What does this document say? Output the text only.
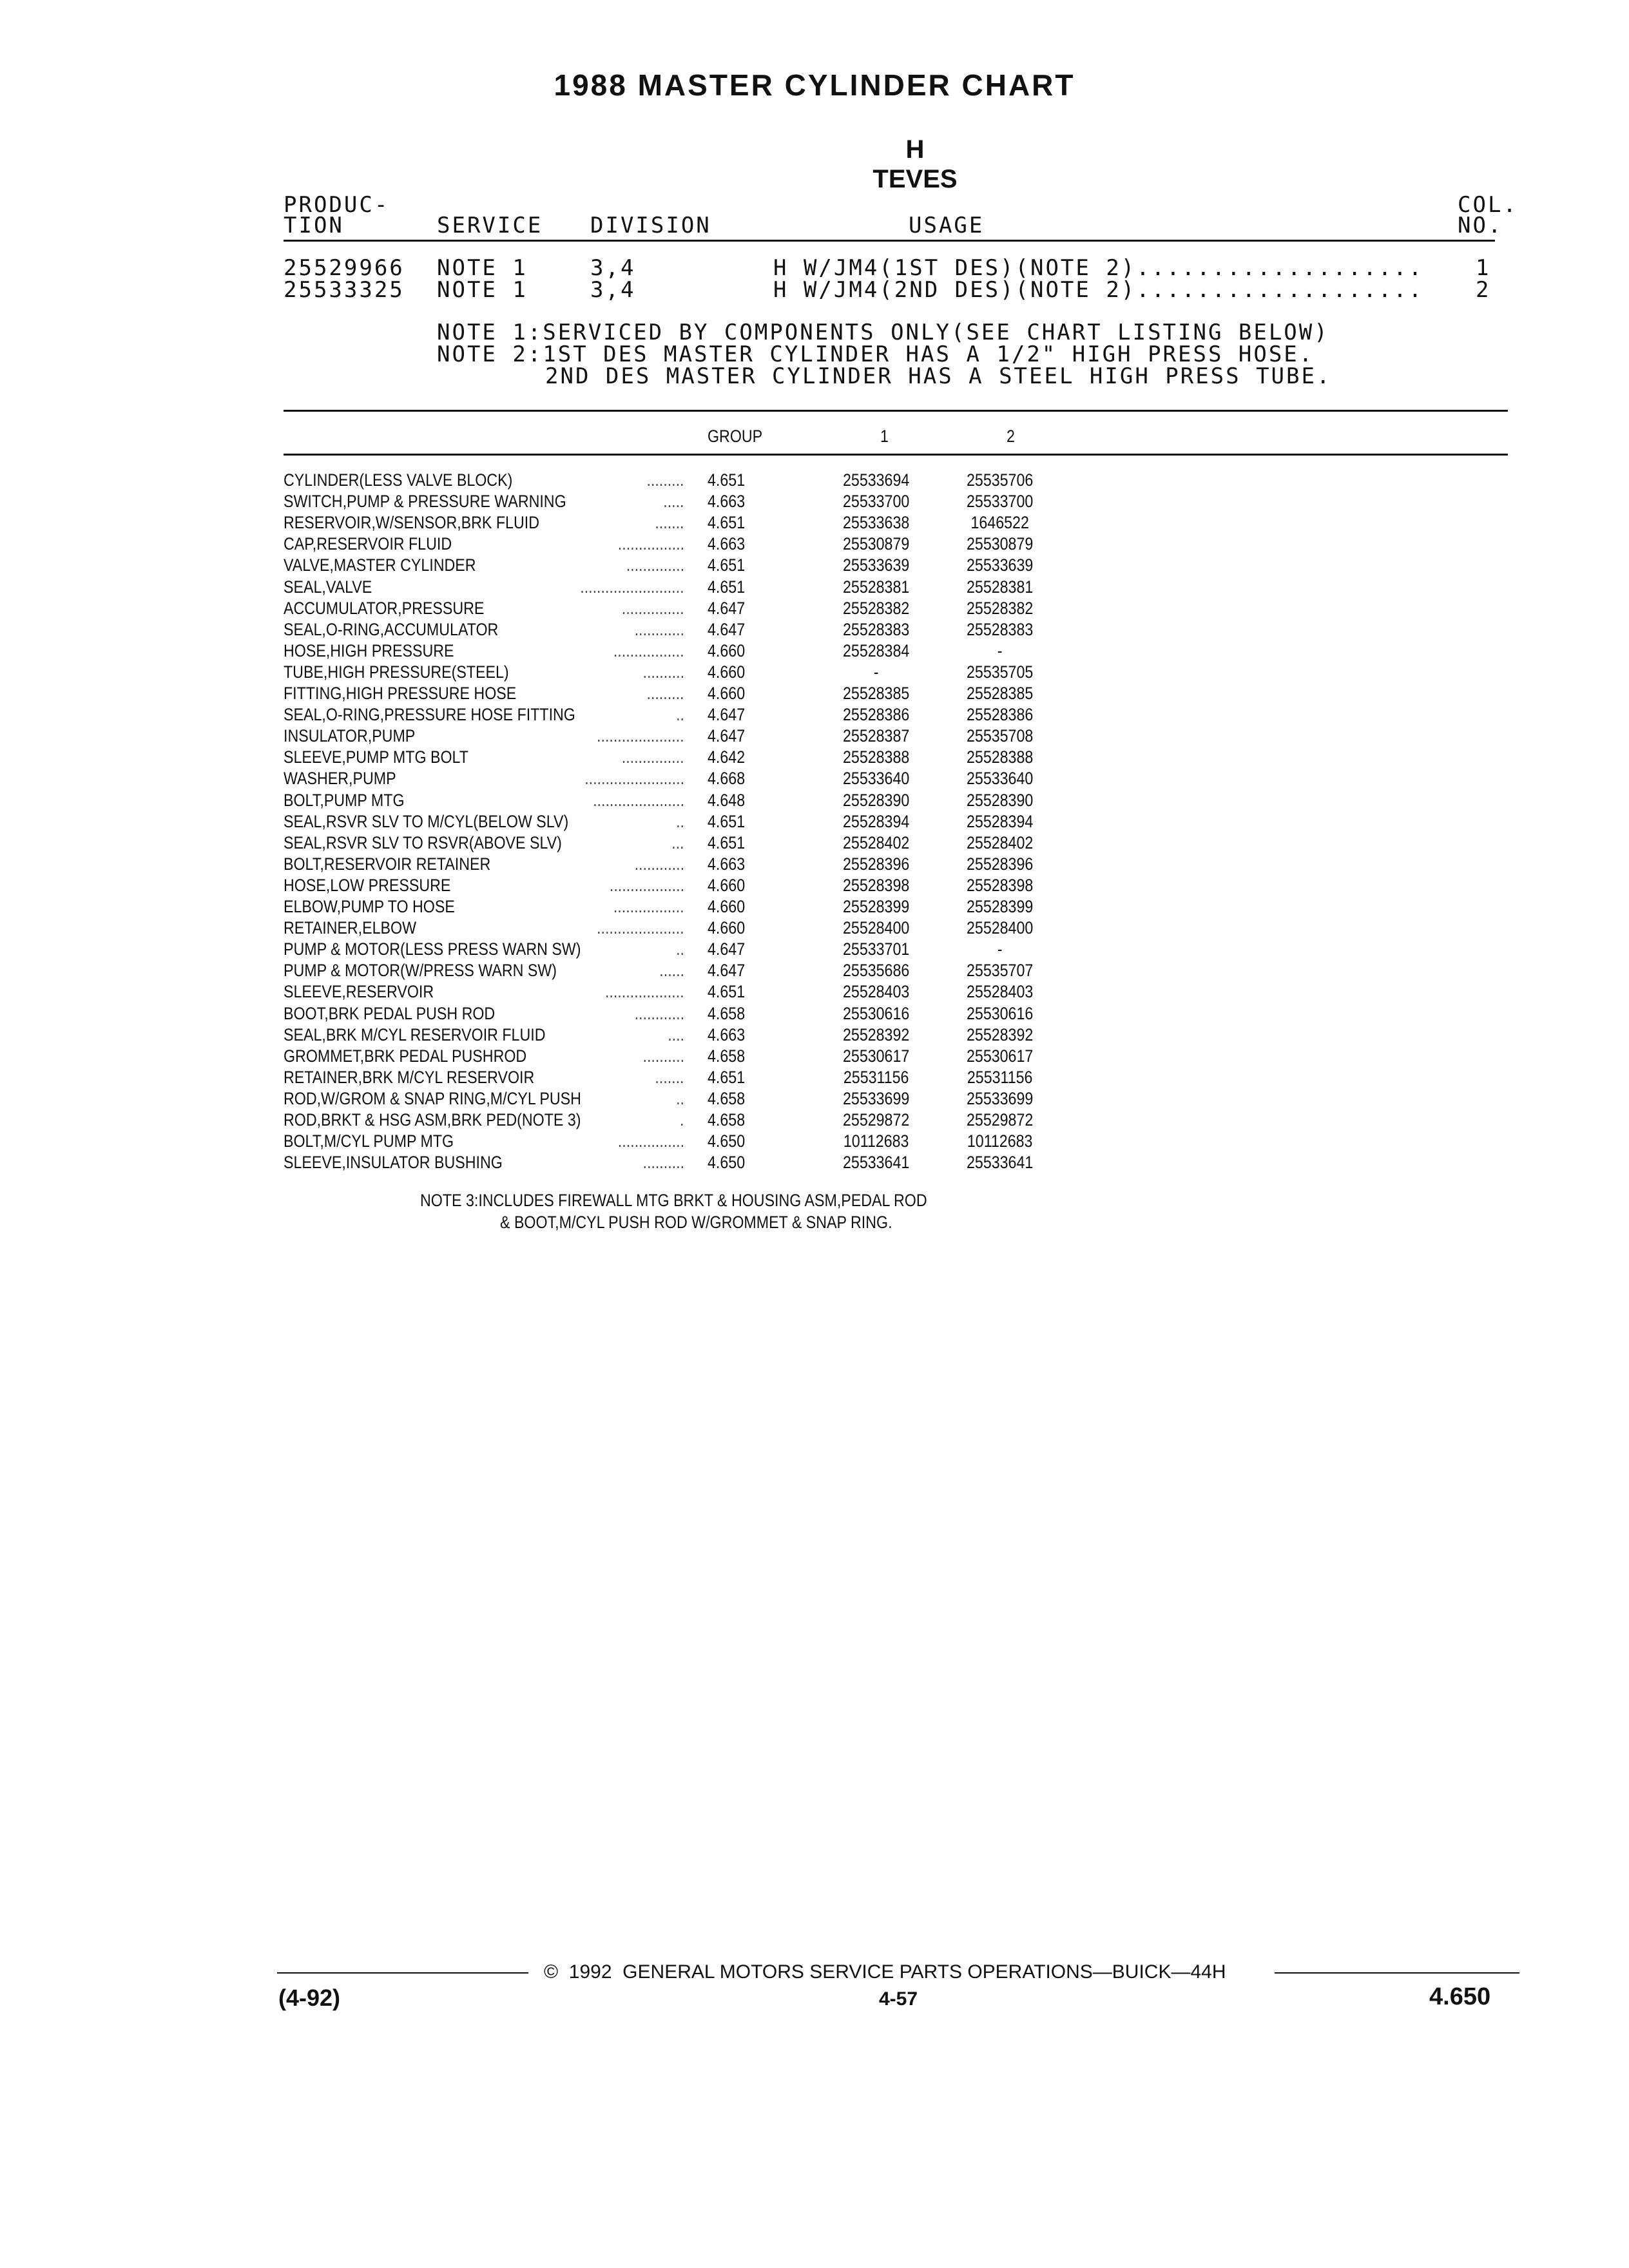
1988 MASTER CYLINDER CHART
H
TEVES
PRODUC-
TION	SERVICE DIVISION	USAGE
COL.
NO.
25529966 NOTE 1	3,4	H W/JM4(1ST DES)(NOTE 2)................... 1
25533325 NOTE 1	3,4	H W/JM4(2ND DES)(NOTE 2)................... 2
NOTE 1:SERVICED BY COMPONENTS ONLY(SEE CHART LISTING BELOW)
NOTE 2:1ST DES MASTER CYLINDER HAS A 1/2" HIGH PRESS HOSE.
2ND DES MASTER CYLINDER HAS A STEEL HIGH PRESS TUBE.
GROUP	1	2
CYLINDER(LESS VALVE BLOCK)	......... 4.651	25533694	25535706
SWITCH,PUMP & PRESSURE WARNING	..... 4.663	25533700	25533700
RESERVOIR,W/SENSOR,BRK FLUID	....... 4.651	25533638	1646522
CAP,RESERVOIR FLUID	................ 4.663	25530879	25530879
VALVE,MASTER CYLINDER	.............. 4.651	25533639	25533639
SEAL,VALVE	......................... 4.651	25528381	25528381
ACCUMULATOR,PRESSURE	............... 4.647	25528382	25528382
SEAL,O-RING,ACCUMULATOR	............ 4.647	25528383	25528383
HOSE,HIGH PRESSURE	................. 4.660	25528384	-
TUBE,HIGH PRESSURE(STEEL)	.......... 4.660	-	25535705
FITTING,HIGH PRESSURE HOSE	......... 4.660	25528385	25528385
SEAL,O-RING,PRESSURE HOSE FITTING	.. 4.647	25528386	25528386
INSULATOR,PUMP	..................... 4.647	25528387	25535708
SLEEVE,PUMP MTG BOLT	............... 4.642	25528388	25528388
WASHER,PUMP	........................ 4.668	25533640	25533640
BOLT,PUMP MTG	...................... 4.648	25528390	25528390
SEAL,RSVR SLV TO M/CYL(BELOW SLV)	.. 4.651	25528394	25528394
SEAL,RSVR SLV TO RSVR(ABOVE SLV)	... 4.651	25528402	25528402
BOLT,RESERVOIR RETAINER	............ 4.663	25528396	25528396
HOSE,LOW PRESSURE	.................. 4.660	25528398	25528398
ELBOW,PUMP TO HOSE	................. 4.660	25528399	25528399
RETAINER,ELBOW	..................... 4.660	25528400	25528400
PUMP & MOTOR(LESS PRESS WARN SW)	.. 4.647	25533701	-
PUMP & MOTOR(W/PRESS WARN SW)	...... 4.647	25535686	25535707
SLEEVE,RESERVOIR	................... 4.651	25528403	25528403
BOOT,BRK PEDAL PUSH ROD	............ 4.658	25530616	25530616
SEAL,BRK M/CYL RESERVOIR FLUID	.... 4.663	25528392	25528392
GROMMET,BRK PEDAL PUSHROD	.......... 4.658	25530617	25530617
RETAINER,BRK M/CYL RESERVOIR	....... 4.651	25531156	25531156
ROD,W/GROM & SNAP RING,M/CYL PUSH	.. 4.658	25533699	25533699
ROD,BRKT & HSG ASM,BRK PED(NOTE 3)	. 4.658	25529872	25529872
BOLT,M/CYL PUMP MTG	................ 4.650	10112683	10112683
SLEEVE,INSULATOR BUSHING	.......... 4.650	25533641	25533641
NOTE 3:INCLUDES FIREWALL MTG BRKT & HOUSING ASM,PEDAL ROD
& BOOT,M/CYL PUSH ROD W/GROMMET & SNAP RING.
©  1992  GENERAL MOTORS SERVICE PARTS OPERATIONS—BUICK—44H
(4-92)	4-57	4.650
